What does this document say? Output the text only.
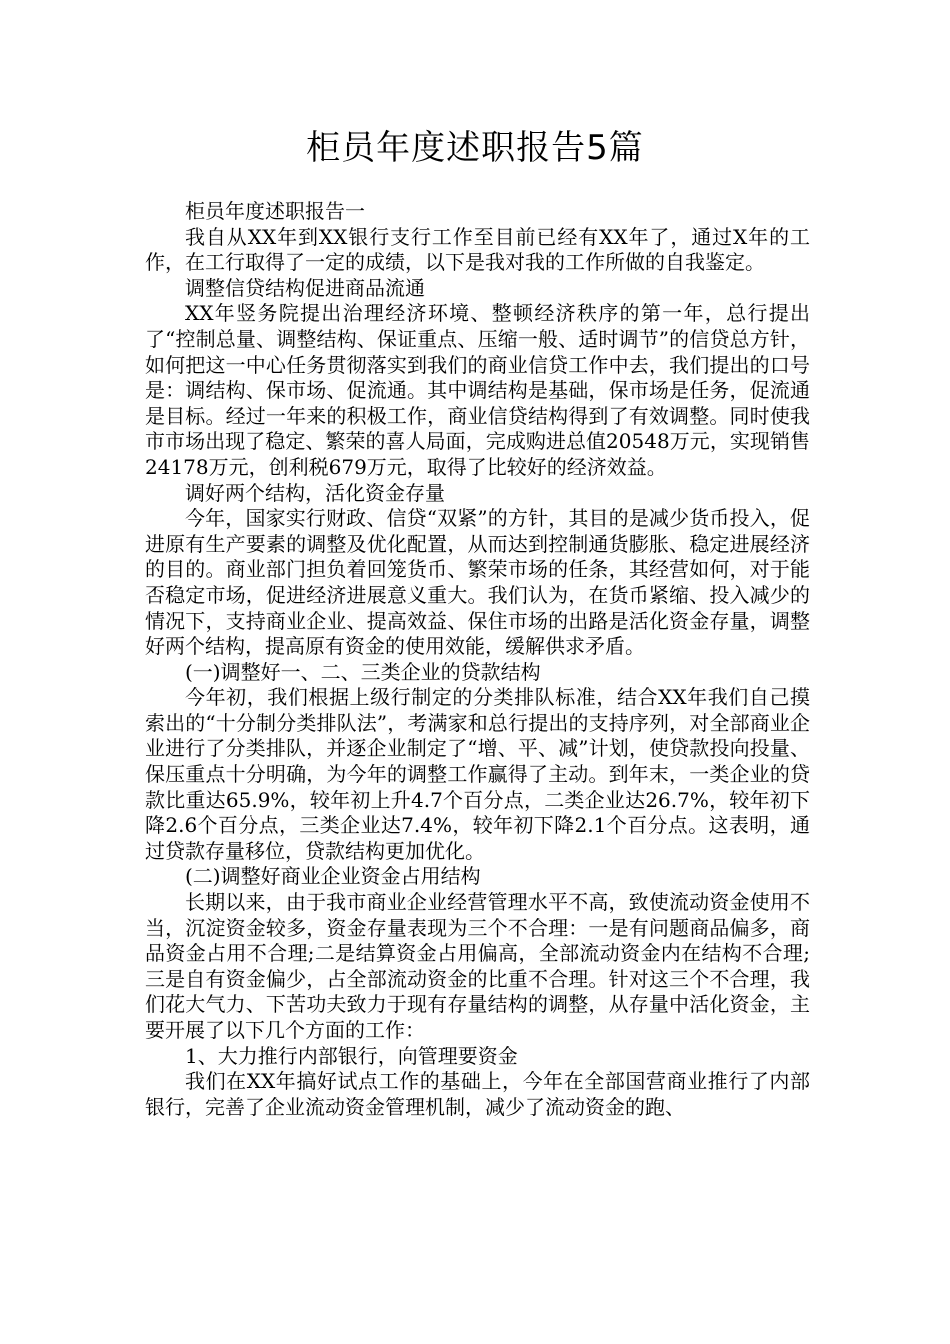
柜员年度述职报告5篇

柜员年度述职报告一

我自从XX年到XX银行支行工作至目前已经有XX年了，通过X年的工作，在工行取得了一定的成绩，以下是我对我的工作所做的自我鉴定。

调整信贷结构促进商品流通

XX年竖务院提出治理经济环境、整顿经济秩序的第一年，总行提出了“控制总量、调整结构、保证重点、压缩一般、适时调节”的信贷总方针，如何把这一中心任务贯彻落实到我们的商业信贷工作中去，我们提出的口号是：调结构、保市场、促流通。其中调结构是基础，保市场是任务，促流通是目标。经过一年来的积极工作，商业信贷结构得到了有效调整。同时使我市市场出现了稳定、繁荣的喜人局面，完成购进总值20548万元，实现销售24178万元，创利税679万元，取得了比较好的经济效益。

调好两个结构，活化资金存量

今年，国家实行财政、信贷“双紧”的方针，其目的是减少货币投入，促进原有生产要素的调整及优化配置，从而达到控制通货膨胀、稳定进展经济的目的。商业部门担负着回笼货币、繁荣市场的任条，其经营如何，对于能否稳定市场，促进经济进展意义重大。我们认为，在货币紧缩、投入减少的情况下，支持商业企业、提高效益、保住市场的出路是活化资金存量，调整好两个结构，提高原有资金的使用效能，缓解供求矛盾。

(一)调整好一、二、三类企业的贷款结构

今年初，我们根据上级行制定的分类排队标准，结合XX年我们自己摸索出的“十分制分类排队法”，考满家和总行提出的支持序列，对全部商业企业进行了分类排队，并逐企业制定了“增、平、减”计划，使贷款投向投量、保压重点十分明确，为今年的调整工作赢得了主动。到年末，一类企业的贷款比重达65.9%，较年初上升4.7个百分点，二类企业达26.7%，较年初下降2.6个百分点，三类企业达7.4%，较年初下降2.1个百分点。这表明，通过贷款存量移位，贷款结构更加优化。

(二)调整好商业企业资金占用结构

长期以来，由于我市商业企业经营管理水平不高，致使流动资金使用不当，沉淀资金较多，资金存量表现为三个不合理：一是有问题商品偏多，商品资金占用不合理;二是结算资金占用偏高，全部流动资金内在结构不合理;三是自有资金偏少，占全部流动资金的比重不合理。针对这三个不合理，我们花大气力、下苦功夫致力于现有存量结构的调整，从存量中活化资金，主要开展了以下几个方面的工作：

1、大力推行内部银行，向管理要资金

我们在XX年搞好试点工作的基础上，今年在全部国营商业推行了内部银行，完善了企业流动资金管理机制，减少了流动资金的跑、
